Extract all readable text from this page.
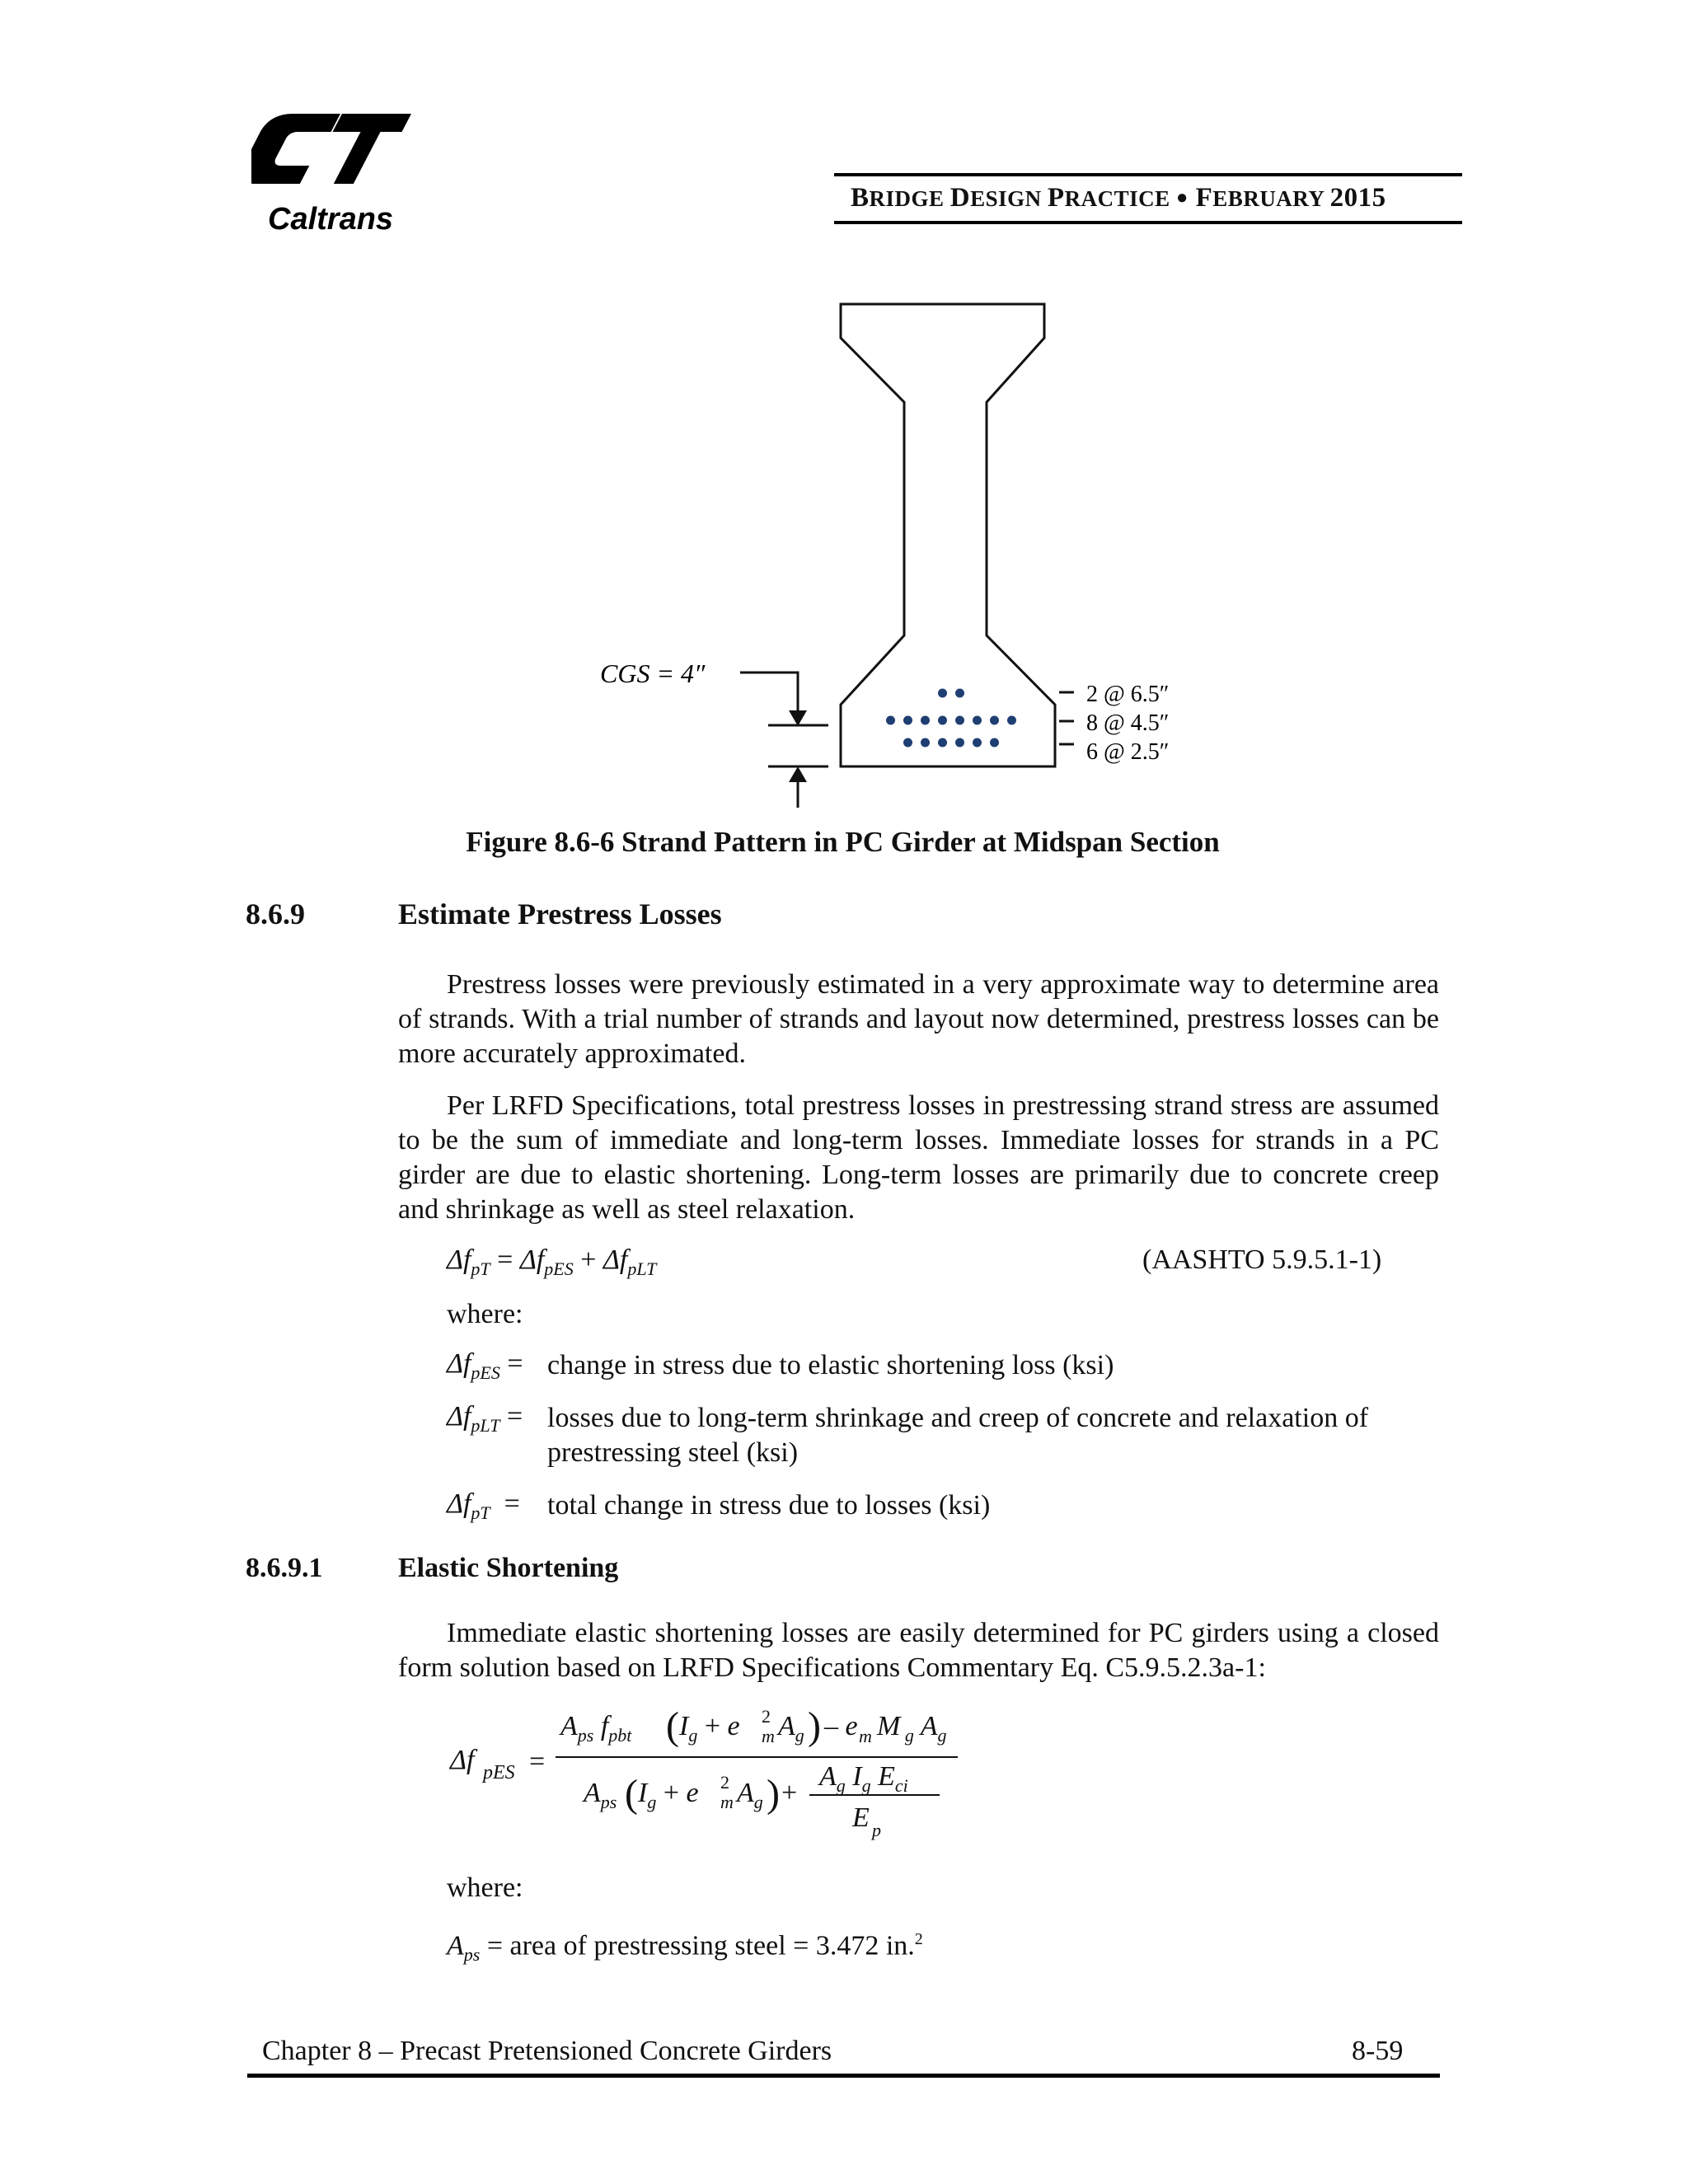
Caltrans
BRIDGE DESIGN PRACTICE ● FEBRUARY 2015
CGS = 4″
2 @ 6.5″
8 @ 4.5″
6 @ 2.5″
Figure 8.6-6 Strand Pattern in PC Girder at Midspan Section
8.6.9	Estimate Prestress Losses
Prestress losses were previously estimated in a very approximate way to determine area of strands. With a trial number of strands and layout now determined, prestress losses can be more accurately approximated.
Per LRFD Specifications, total prestress losses in prestressing strand stress are assumed to be the sum of immediate and long-term losses. Immediate losses for strands in a PC girder are due to elastic shortening. Long-term losses are primarily due to concrete creep and shrinkage as well as steel relaxation.
$\Delta f_{pT} = \Delta f_{pES} + \Delta f_{pLT}$	(AASHTO 5.9.5.1-1)
where:
$\Delta f_{pES}$ = change in stress due to elastic shortening loss (ksi)
$\Delta f_{pLT}$ = losses due to long-term shrinkage and creep of concrete and relaxation of prestressing steel (ksi)
$\Delta f_{pT}$  = total change in stress due to losses (ksi)
8.6.9.1	Elastic Shortening
Immediate elastic shortening losses are easily determined for PC girders using a closed form solution based on LRFD Specifications Commentary Eq. C5.9.5.2.3a-1:
Δf pES =
$A_{ps}$ $f_{pbt}$ ( $I_g + e$ 2
m $A_g$ ) – e m M $_g$ $A_g$
$A_{ps}$ ( $I_g + e$ 2
m $A_g$ ) +
$A_g$ $I_g$ $E_{ci}$
E p
where:
$A_{ps}$ = area of prestressing steel = 3.472 in.$^2$
Chapter 8 – Precast Pretensioned Concrete Girders	8-59
